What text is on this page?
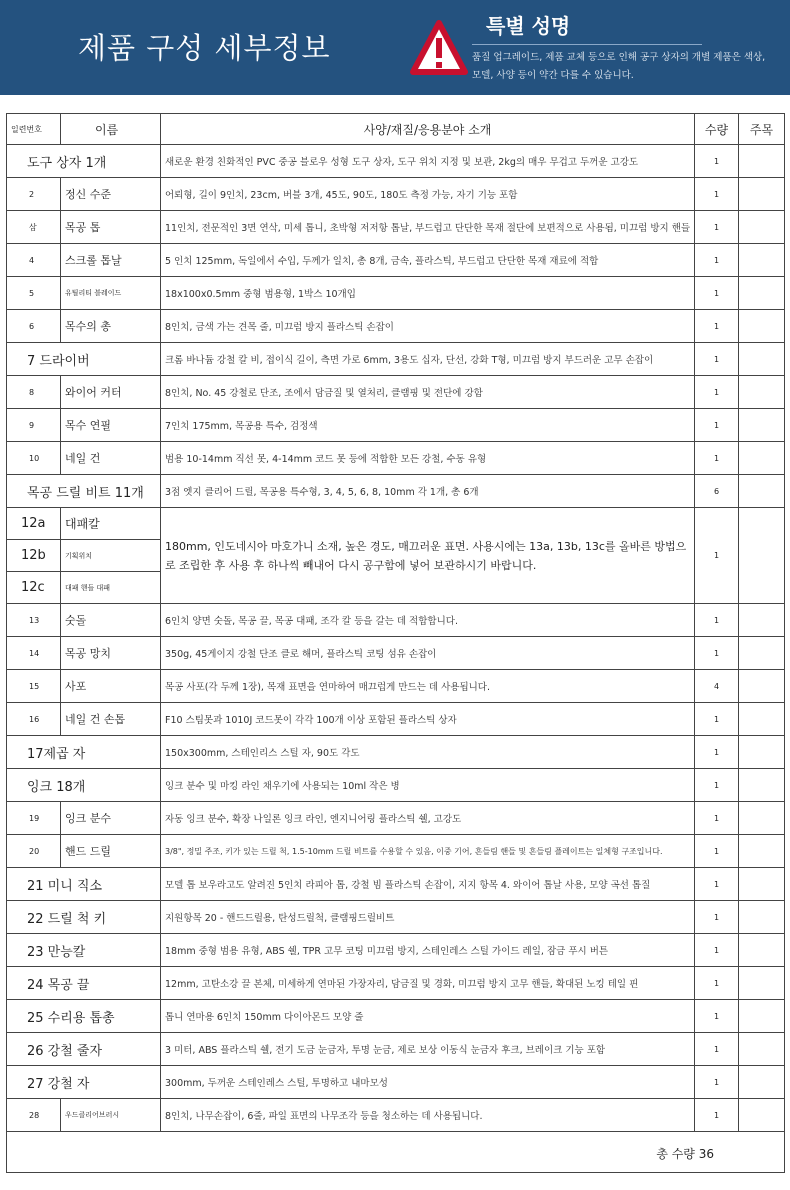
제품 구성 세부정보
특별 성명
품질 업그레이드, 제품 교체 등으로 인해 공구 상자의 개별 제품은 색상, 모델, 사양 등이 약간 다를 수 있습니다.
일련번호	이름	사양/재질/응용분야 소개	수량	주목
도구 상자 1개		새로운 환경 친화적인 PVC 중공 블로우 성형 도구 상자, 도구 위치 지정 및 보관, 2kg의 매우 무겁고 두꺼운 고강도	1	
2	정신 수준	어뢰형, 길이 9인치, 23cm, 버블 3개, 45도, 90도, 180도 측정 가능, 자기 기능 포함	1	
삼	목공 톱	11인치, 전문적인 3면 연삭, 미세 톱니, 초박형 저저항 톱날, 부드럽고 단단한 목재 절단에 보편적으로 사용됨, 미끄럼 방지 핸들	1	
4	스크롤 톱날	5 인치 125mm, 독일에서 수입, 두께가 일치, 총 8개, 금속, 플라스틱, 부드럽고 단단한 목재 재료에 적합	1	
5	유틸리티 블레이드	18x100x0.5mm 중형 범용형, 1박스 10개입	1	
6	목수의 총	8인치, 금색 가는 견목 줄, 미끄럼 방지 플라스틱 손잡이	1	
7 드라이버		크롬 바나듐 강철 칼 비, 접이식 길이, 측면 가로 6mm, 3용도 십자, 단선, 강화 T형, 미끄럼 방지 부드러운 고무 손잡이	1	
8	와이어 커터	8인치, No. 45 강철로 단조, 조에서 담금질 및 열처리, 클램핑 및 전단에 강함	1	
9	목수 연필	7인치 175mm, 목공용 특수, 검정색	1	
10	네일 건	범용 10-14mm 직선 못, 4-14mm 코드 못 등에 적합한 모든 강철, 수동 유형	1	
목공 드릴 비트 11개		3점 엣지 클리어 드릴, 목공용 특수형, 3, 4, 5, 6, 8, 10mm 각 1개, 총 6개	6	
12a	대패칼	180mm, 인도네시아 마호가니 소재, 높은 경도, 매끄러운 표면. 사용시에는 13a, 13b, 13c를 올바른 방법으로 조립한 후 사용 후 하나씩 빼내어 다시 공구함에 넣어 보관하시기 바랍니다.	1	
12b	기획위치			
12c	대패 핸들 대패			
13	숫돌	6인치 양면 숫돌, 목공 끌, 목공 대패, 조각 칼 등을 갈는 데 적합합니다.	1	
14	목공 망치	350g, 45게이지 강철 단조 클로 해머, 플라스틱 코팅 섬유 손잡이	1	
15	사포	목공 사포(각 두께 1장), 목재 표면을 연마하여 매끄럽게 만드는 데 사용됩니다.	4	
16	네일 건 손톱	F10 스팀못과 1010J 코드못이 각각 100개 이상 포함된 플라스틱 상자	1	
17제곱 자		150x300mm, 스테인리스 스틸 자, 90도 각도	1	
잉크 18개		잉크 분수 및 마킹 라인 채우기에 사용되는 10ml 작은 병	1	
19	잉크 분수	자동 잉크 분수, 확장 나일론 잉크 라인, 엔지니어링 플라스틱 쉘, 고강도	1	
20	핸드 드릴	3/8", 정밀 주조, 키가 있는 드릴 척, 1.5-10mm 드릴 비트를 수용할 수 있음, 이중 기어, 흔들림 핸들 및 흔들림 플레이트는 일체형 구조입니다.	1	
21 미니 직소		모델 톱 보우라고도 알려진 5인치 라피아 톱, 강철 빔 플라스틱 손잡이, 지지 항목 4. 와이어 톱날 사용, 모양 곡선 톱질	1	
22 드릴 척 키		지원항목 20 - 핸드드릴용, 탄성드릴척, 클램핑드릴비트	1	
23 만능칼		18mm 중형 범용 유형, ABS 쉘, TPR 고무 코팅 미끄럼 방지, 스테인레스 스틸 가이드 레일, 잠금 푸시 버튼	1	
24 목공 끌		12mm, 고탄소강 끌 본체, 미세하게 연마된 가장자리, 담금질 및 경화, 미끄럼 방지 고무 핸들, 확대된 노킹 테일 핀	1	
25 수리용 톱총		톱니 연마용 6인치 150mm 다이아몬드 모양 줄	1	
26 강철 줄자		3 미터, ABS 플라스틱 쉘, 전기 도금 눈금자, 투명 눈금, 제로 보상 이동식 눈금자 후크, 브레이크 기능 포함	1	
27 강철 자		300mm, 두꺼운 스테인레스 스틸, 투명하고 내마모성	1	
28	우드클리어브러시	8인치, 나무손잡이, 6줄, 파일 표면의 나무조각 등을 청소하는 데 사용됩니다.	1	
총 수량 36				
